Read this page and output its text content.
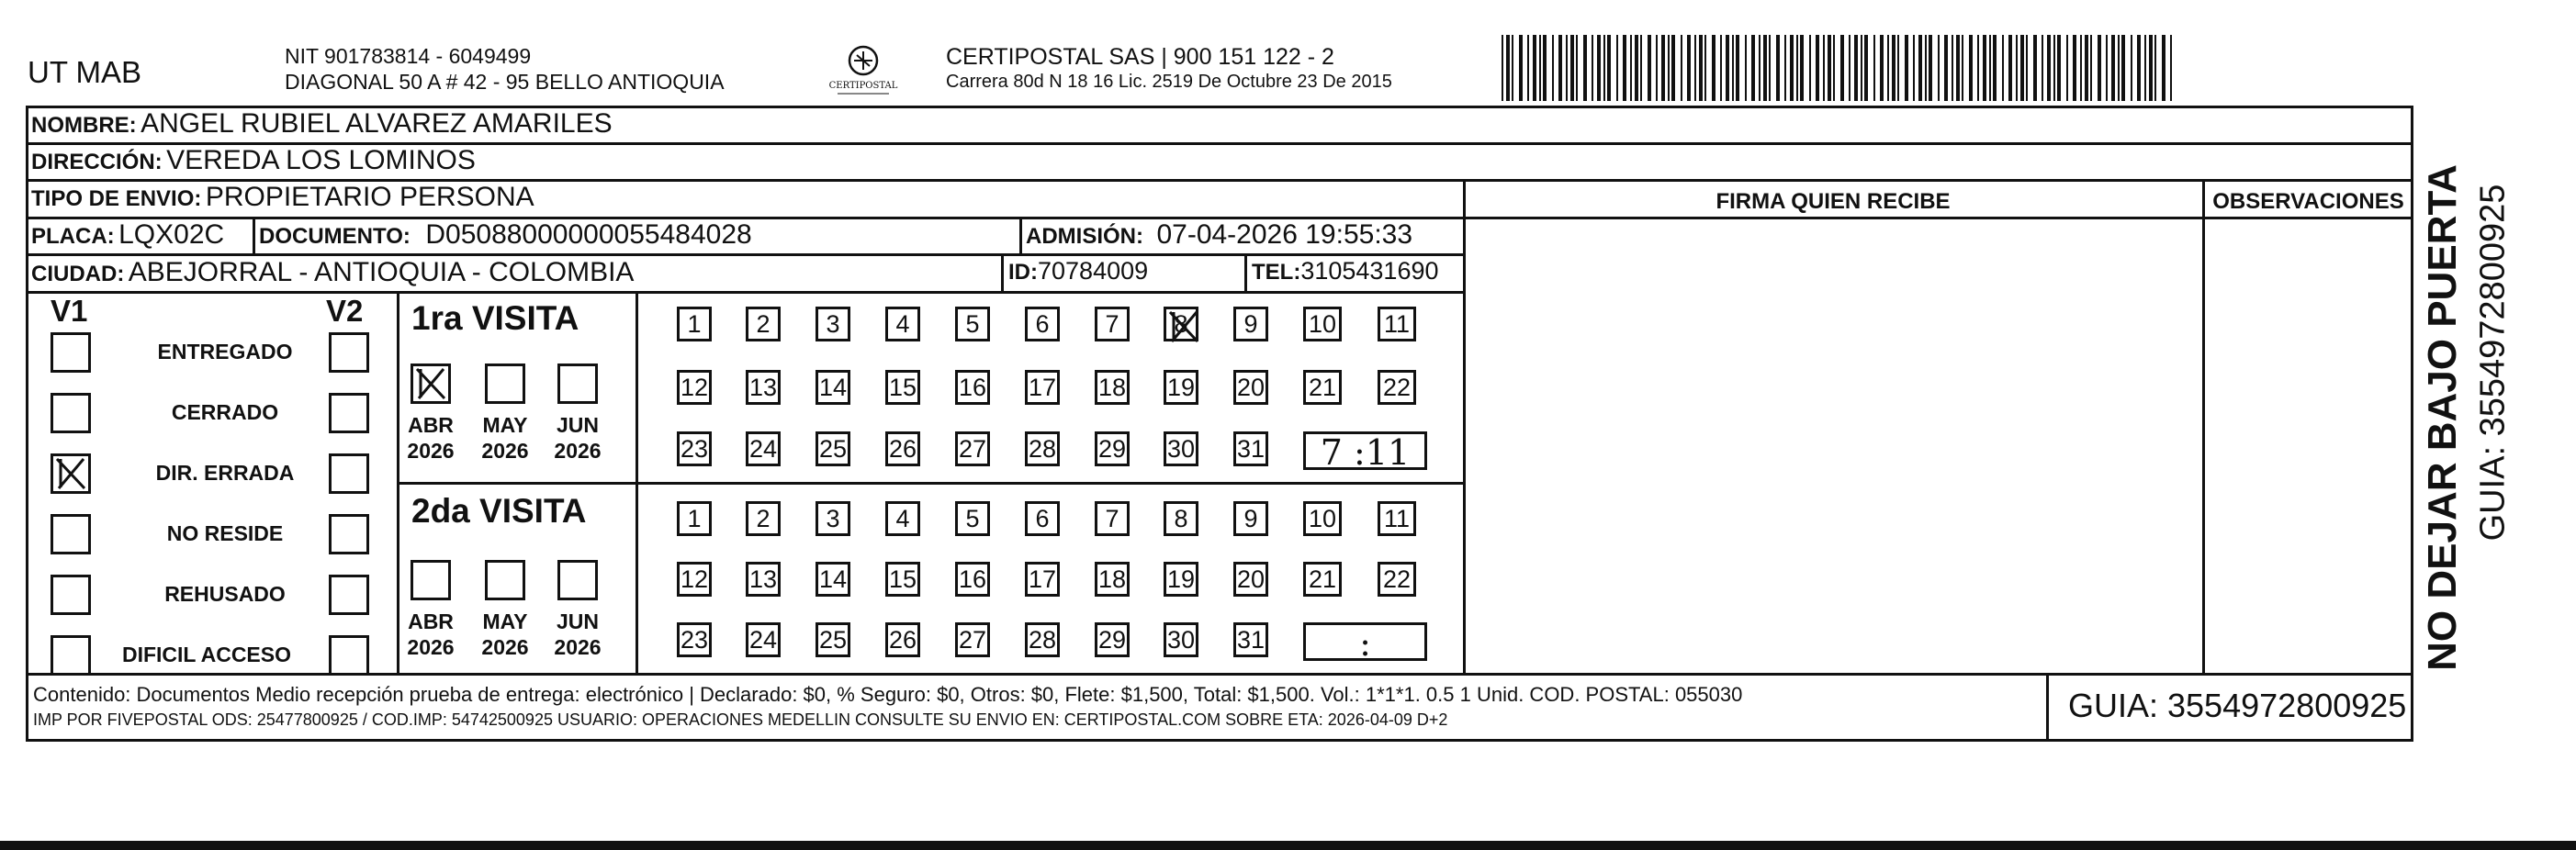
UT MAB	NIT 901783814 - 6049499
DIAGONAL 50 A # 42 - 95 BELLO ANTIOQUIA	CERTIPOSTAL
CERTIPOSTAL SAS | 900 151 122 - 2
Carrera 80d N 18 16 Lic. 2519 De Octubre 23 De 2015
NOMBRE: ANGEL RUBIEL ALVAREZ AMARILES
DIRECCIÓN: VEREDA LOS LOMINOS
TIPO DE ENVIO: PROPIETARIO PERSONA
PLACA: LQX02C DOCUMENTO: D05088000000055484028	ADMISIÓN: 07-04-2026 19:55:33
CIUDAD: ABEJORRAL - ANTIOQUIA - COLOMBIA	ID:70784009	TEL:3105431690
FIRMA QUIEN RECIBE	OBSERVACIONES
V1	V2
ENTREGADO
CERRADO
DIR. ERRADA
NO RESIDE
REHUSADO
DIFICIL ACCESO
1ra VISITA
ABR
2026
MAY
2026
JUN
2026
1	2	3	4	5	6	7	8	9	10 11
12 13 14 15 16 17 18 19 20 21 22
23 24 25 26 27 28 29 30 31	7 :11
2da VISITA
ABR
2026
MAY
2026
JUN
2026
1	2	3	4	5	6	7	8	9	10 11
12 13 14 15 16 17 18 19 20 21 22
23 24 25 26 27 28 29 30 31	:
Contenido: Documentos Medio recepción prueba de entrega: electrónico | Declarado: $0, % Seguro: $0, Otros: $0, Flete: $1,500, Total: $1,500. Vol.: 1*1*1. 0.5 1 Unid. COD. POSTAL: 055030
IMP POR FIVEPOSTAL ODS: 25477800925 / COD.IMP: 54742500925 USUARIO: OPERACIONES MEDELLIN CONSULTE SU ENVIO EN: CERTIPOSTAL.COM SOBRE ETA: 2026-04-09 D+2	GUIA: 3554972800925
NO DEJAR BAJO PUERTA GUIA: 3554972800925
